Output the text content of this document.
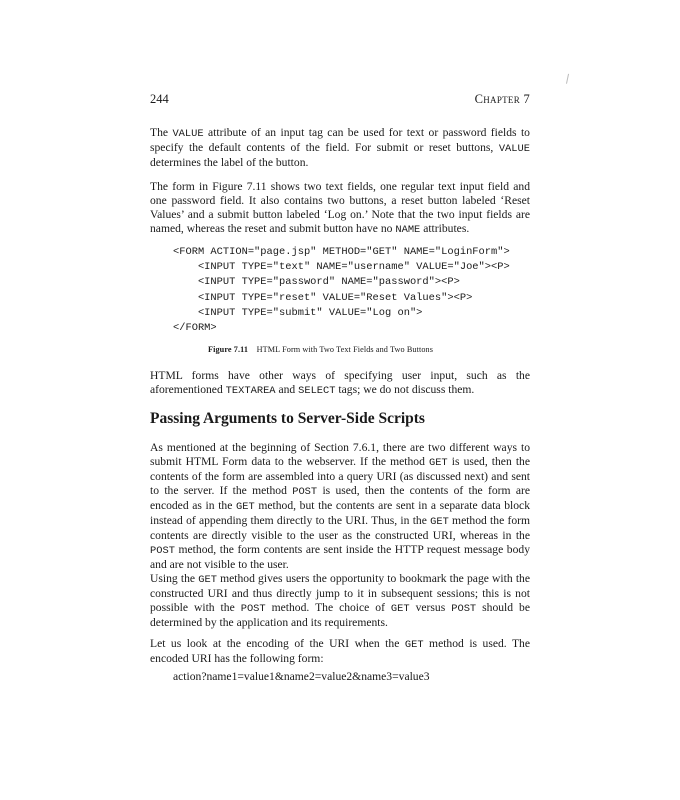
244	Chapter 7

The VALUE attribute of an input tag can be used for text or password fields to specify the default contents of the field. For submit or reset buttons, VALUE determines the label of the button.

The form in Figure 7.11 shows two text fields, one regular text input field and one password field. It also contains two buttons, a reset button labeled ‘Reset Values’ and a submit button labeled ‘Log on.’ Note that the two input fields are named, whereas the reset and submit button have no NAME attributes.

<FORM ACTION="page.jsp" METHOD="GET" NAME="LoginForm">
<INPUT TYPE="text" NAME="username" VALUE="Joe"><P>
<INPUT TYPE="password" NAME="password"><P>
<INPUT TYPE="reset" VALUE="Reset Values"><P>
<INPUT TYPE="submit" VALUE="Log on">
</FORM>
Figure 7.11 HTML Form with Two Text Fields and Two Buttons

HTML forms have other ways of specifying user input, such as the aforementioned TEXTAREA and SELECT tags; we do not discuss them.

Passing Arguments to Server-Side Scripts

As mentioned at the beginning of Section 7.6.1, there are two different ways to submit HTML Form data to the webserver. If the method GET is used, then the contents of the form are assembled into a query URI (as discussed next) and sent to the server. If the method POST is used, then the contents of the form are encoded as in the GET method, but the contents are sent in a separate data block instead of appending them directly to the URI. Thus, in the GET method the form contents are directly visible to the user as the constructed URI, whereas in the POST method, the form contents are sent inside the HTTP request message body and are not visible to the user.

Using the GET method gives users the opportunity to bookmark the page with the constructed URI and thus directly jump to it in subsequent sessions; this is not possible with the POST method. The choice of GET versus POST should be determined by the application and its requirements.

Let us look at the encoding of the URI when the GET method is used. The encoded URI has the following form:

action?name1=value1&name2=value2&name3=value3
